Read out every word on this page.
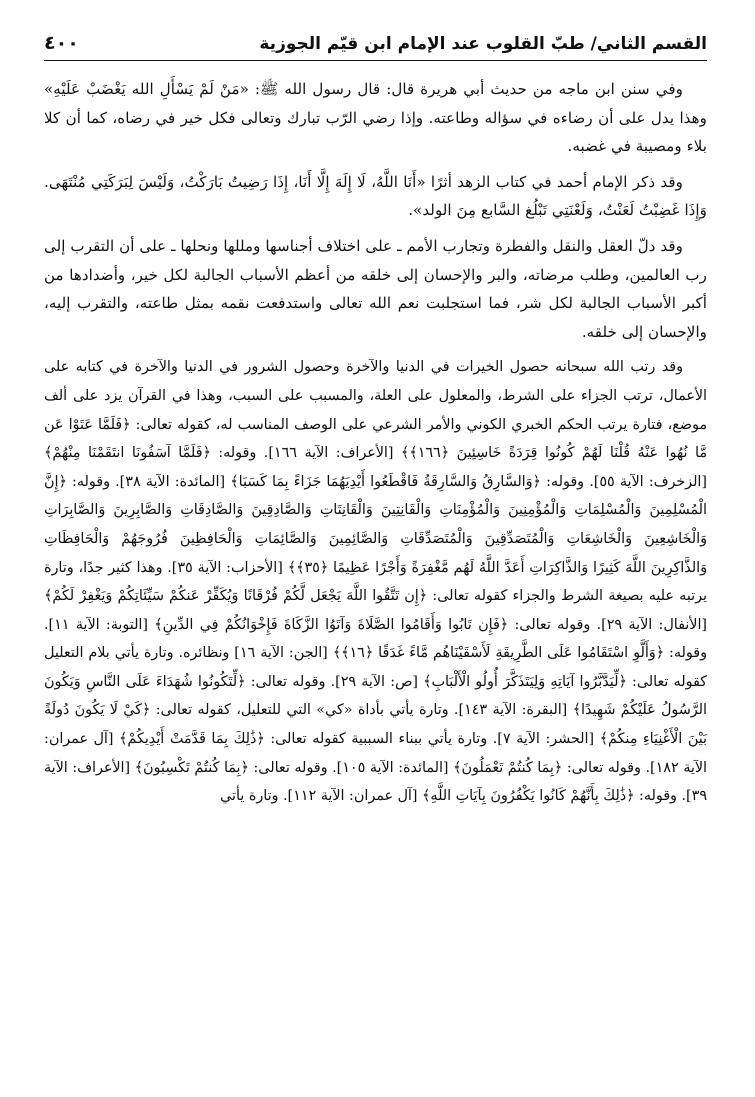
القسم الثاني/ طبّ القلوب عند الإمام ابن قيّم الجوزية
٤٠٠

وفي سنن ابن ماجه من حديث أبي هريرة قال: قال رسول الله ﷺ: «مَنْ لَمْ يَسْأَلِ الله يَغْضَبْ عَلَيْهِ» وهذا يدل على أن رضاءه في سؤاله وطاعته. وإذا رضي الرّب تبارك وتعالى فكل خير في رضاه، كما أن كلا بلاء ومصيبة في غضبه.

وقد ذكر الإمام أحمد في كتاب الزهد أثرًا «أَنَا اللَّهُ، لَا إِلَهَ إِلَّا أَنَا، إِذَا رَضِيتُ بَارَكْتُ، وَلَيْسَ لِبَرَكَتِي مُنْتَهَى. وَإِذَا غَضِبْتُ لَعَنْتُ، وَلَعْنَتِي تَبْلُغ السَّابع مِنَ الولد».

وقد دلّ العقل والنقل والفطرة وتجارب الأمم ـ على اختلاف أجناسها ومللها ونحلها ـ على أن التقرب إلى رب العالمين، وطلب مرضاته، والبر والإحسان إلى خلقه من أعظم الأسباب الجالبة لكل خير، وأضدادها من أكبر الأسباب الجالبة لكل شر، فما استجلبت نعم الله تعالى واستدفعت نقمه بمثل طاعته، والتقرب إليه، والإحسان إلى خلقه.

وقد رتب الله سبحانه حصول الخيرات في الدنيا والآخرة وحصول الشرور في الدنيا والآخرة في كتابه على الأعمال، ترتب الجزاء على الشرط، والمعلول على العلة، والمسبب على السبب، وهذا في القرآن يزد على ألف موضع، فتارة يرتب الحكم الخبري الكوني والأمر الشرعي على الوصف المناسب له، كقوله تعالى: ﴿فَلَمَّا عَتَوْا عَن مَّا نُهُوا عَنْهُ قُلْنَا لَهُمْ كُونُوا قِرَدَةً خَاسِئِينَ ﴿١٦٦﴾﴾ [الأعراف: الآية ١٦٦]. وقوله: ﴿فَلَمَّا آسَفُونَا انتَقَمْنَا مِنْهُمْ﴾ [الزخرف: الآية ٥٥]. وقوله: ﴿وَالسَّارِقُ وَالسَّارِقَةُ فَاقْطَعُوا أَيْدِيَهُمَا جَزَاءً بِمَا كَسَبَا﴾ [المائدة: الآية ٣٨]. وقوله: ﴿إِنَّ الْمُسْلِمِينَ وَالْمُسْلِمَاتِ وَالْمُؤْمِنِينَ وَالْمُؤْمِنَاتِ وَالْقَانِتِينَ وَالْقَانِتَاتِ وَالصَّادِقِينَ وَالصَّادِقَاتِ وَالصَّابِرِينَ وَالصَّابِرَاتِ وَالْخَاشِعِينَ وَالْخَاشِعَاتِ وَالْمُتَصَدِّقِينَ وَالْمُتَصَدِّقَاتِ وَالصَّائِمِينَ وَالصَّائِمَاتِ وَالْحَافِظِينَ فُرُوجَهُمْ وَالْحَافِظَاتِ وَالذَّاكِرِينَ اللَّهَ كَثِيرًا وَالذَّاكِرَاتِ أَعَدَّ اللَّهُ لَهُم مَّغْفِرَةً وَأَجْرًا عَظِيمًا ﴿٣٥﴾﴾ [الأحزاب: الآية ٣٥]. وهذا كثير جدًا، وتارة يرتبه عليه بصيغة الشرط والجزاء كقوله تعالى: ﴿إِن تَتَّقُوا اللَّهَ يَجْعَل لَّكُمْ فُرْقَانًا وَيُكَفِّرْ عَنكُمْ سَيِّئَاتِكُمْ وَيَغْفِرْ لَكُمْ﴾ [الأنفال: الآية ٢٩]. وقوله تعالى: ﴿فَإِن تَابُوا وَأَقَامُوا الصَّلَاةَ وَآتَوُا الزَّكَاةَ فَإِخْوَانُكُمْ فِي الدِّينِ﴾ [التوبة: الآية ١١]. وقوله: ﴿وَأَلَّوِ اسْتَقَامُوا عَلَى الطَّرِيقَةِ لَأَسْقَيْنَاهُم مَّاءً غَدَقًا ﴿١٦﴾﴾ [الجن: الآية ١٦] ونظائره. وتارة يأتي بلام التعليل كقوله تعالى: ﴿لِّيَدَّبَّرُوا آيَاتِهِ وَلِيَتَذَكَّرَ أُولُو الْأَلْبَابِ﴾ [ص: الآية ٢٩]. وقوله تعالى: ﴿لِّتَكُونُوا شُهَدَاءَ عَلَى النَّاسِ وَيَكُونَ الرَّسُولُ عَلَيْكُمْ شَهِيدًا﴾ [البقرة: الآية ١٤٣]. وتارة يأتي بأداة «كي» التي للتعليل، كقوله تعالى: ﴿كَيْ لَا يَكُونَ دُولَةً بَيْنَ الْأَغْنِيَاءِ مِنكُمْ﴾ [الحشر: الآية ٧]. وتارة يأتي ببناء السببية كقوله تعالى: ﴿ذَٰلِكَ بِمَا قَدَّمَتْ أَيْدِيكُمْ﴾ [آل عمران: الآية ١٨٢]. وقوله تعالى: ﴿بِمَا كُنتُمْ تَعْمَلُونَ﴾ [المائدة: الآية ١٠٥]. وقوله تعالى: ﴿بِمَا كُنتُمْ تَكْسِبُونَ﴾ [الأعراف: الآية ٣٩]. وقوله: ﴿ذَٰلِكَ بِأَنَّهُمْ كَانُوا يَكْفُرُونَ بِآيَاتِ اللَّهِ﴾ [آل عمران: الآية ١١٢]. وتارة يأتي
